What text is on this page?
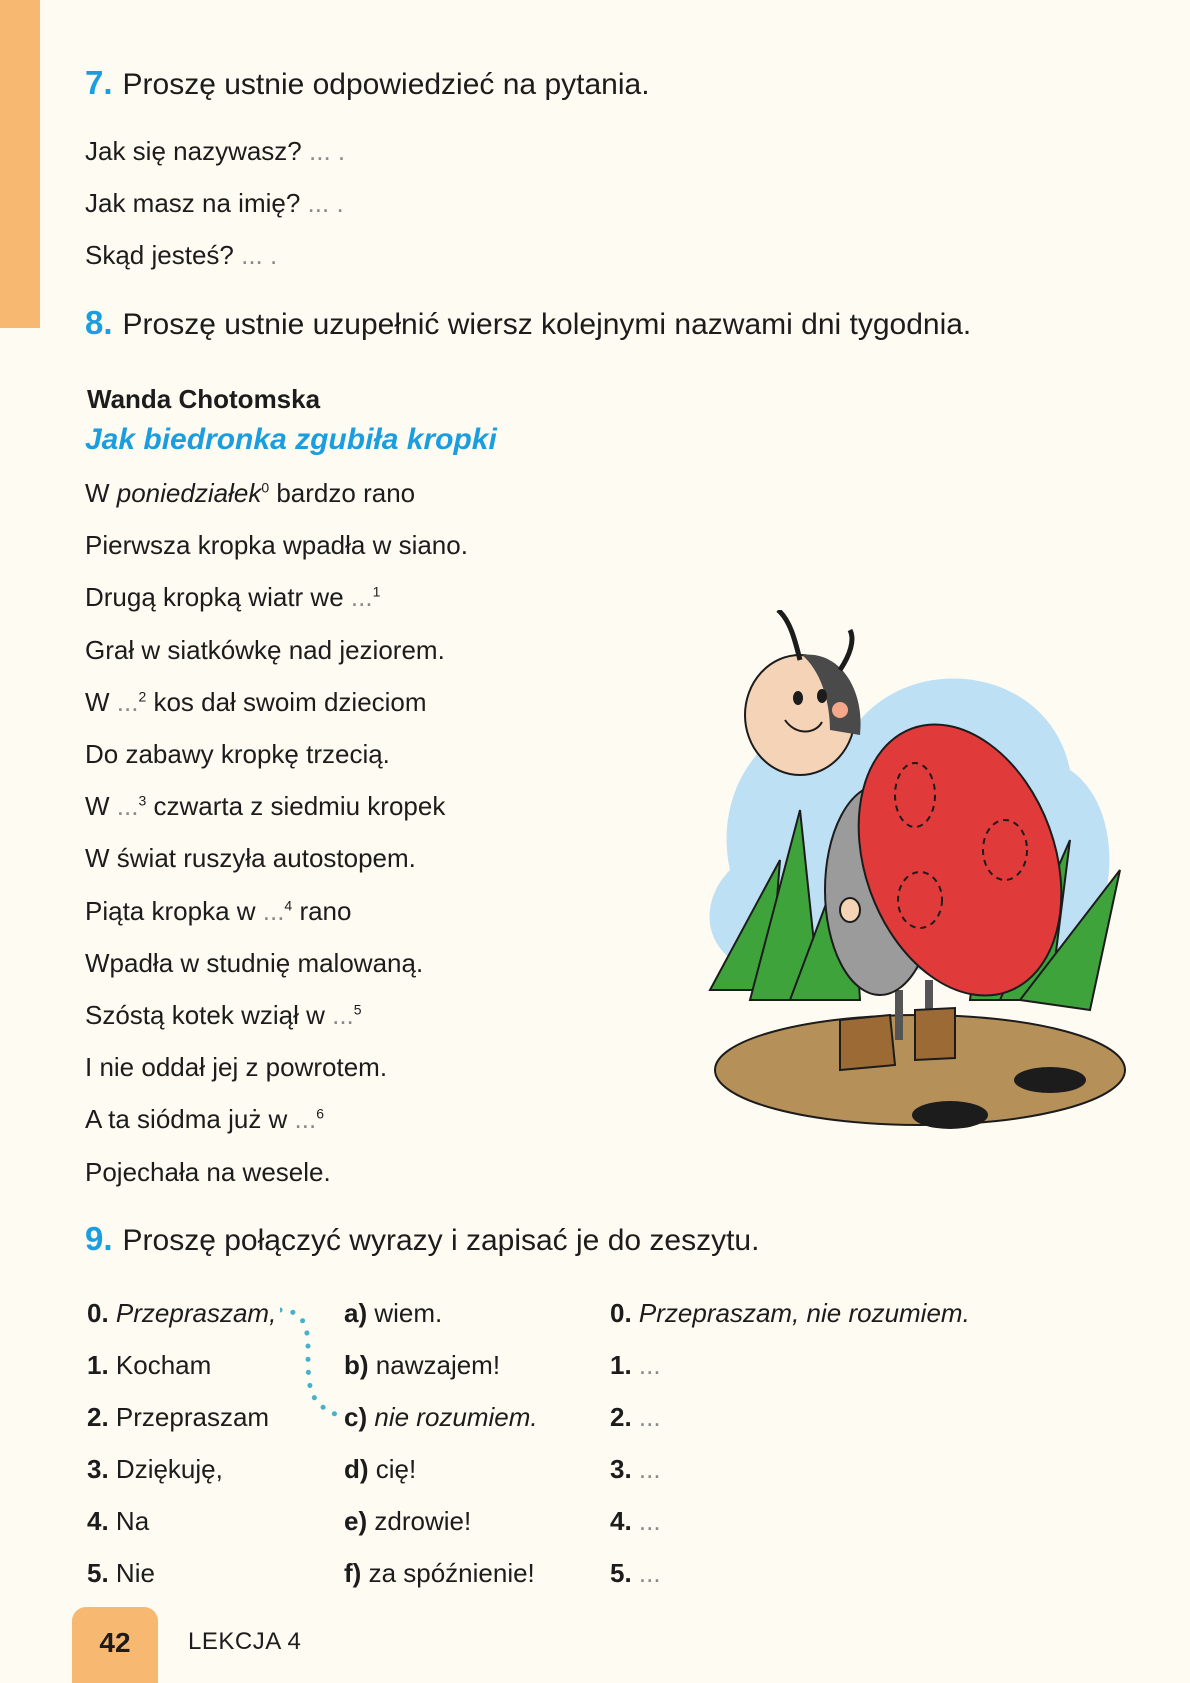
7. Proszę ustnie odpowiedzieć na pytania.
Jak się nazywasz? ... .
Jak masz na imię? ... .
Skąd jesteś? ... .
8. Proszę ustnie uzupełnić wiersz kolejnymi nazwami dni tygodnia.
Wanda Chotomska
Jak biedronka zgubiła kropki
W poniedziałek$^0$ bardzo rano
Pierwsza kropka wpadła w siano.
Drugą kropką wiatr we ...$^1$
Grał w siatkówkę nad jeziorem.
W ...$^2$ kos dał swoim dzieciom
Do zabawy kropkę trzecią.
W ...$^3$ czwarta z siedmiu kropek
W świat ruszyła autostopem.
Piąta kropka w ...$^4$ rano
Wpadła w studnię malowaną.
Szóstą kotek wziął w ...$^5$
I nie oddał jej z powrotem.
A ta siódma już w ...$^6$
Pojechała na wesele.
9. Proszę połączyć wyrazy i zapisać je do zeszytu.
0. Przepraszam,
1. Kocham
2. Przepraszam
3. Dziękuję,
4. Na
5. Nie
a) wiem.
b) nawzajem!
c) nie rozumiem.
d) cię!
e) zdrowie!
f) za spóźnienie!
0. Przepraszam, nie rozumiem.
1. ...
2. ...
3. ...
4. ...
5. ...
42	LEKCJA 4
